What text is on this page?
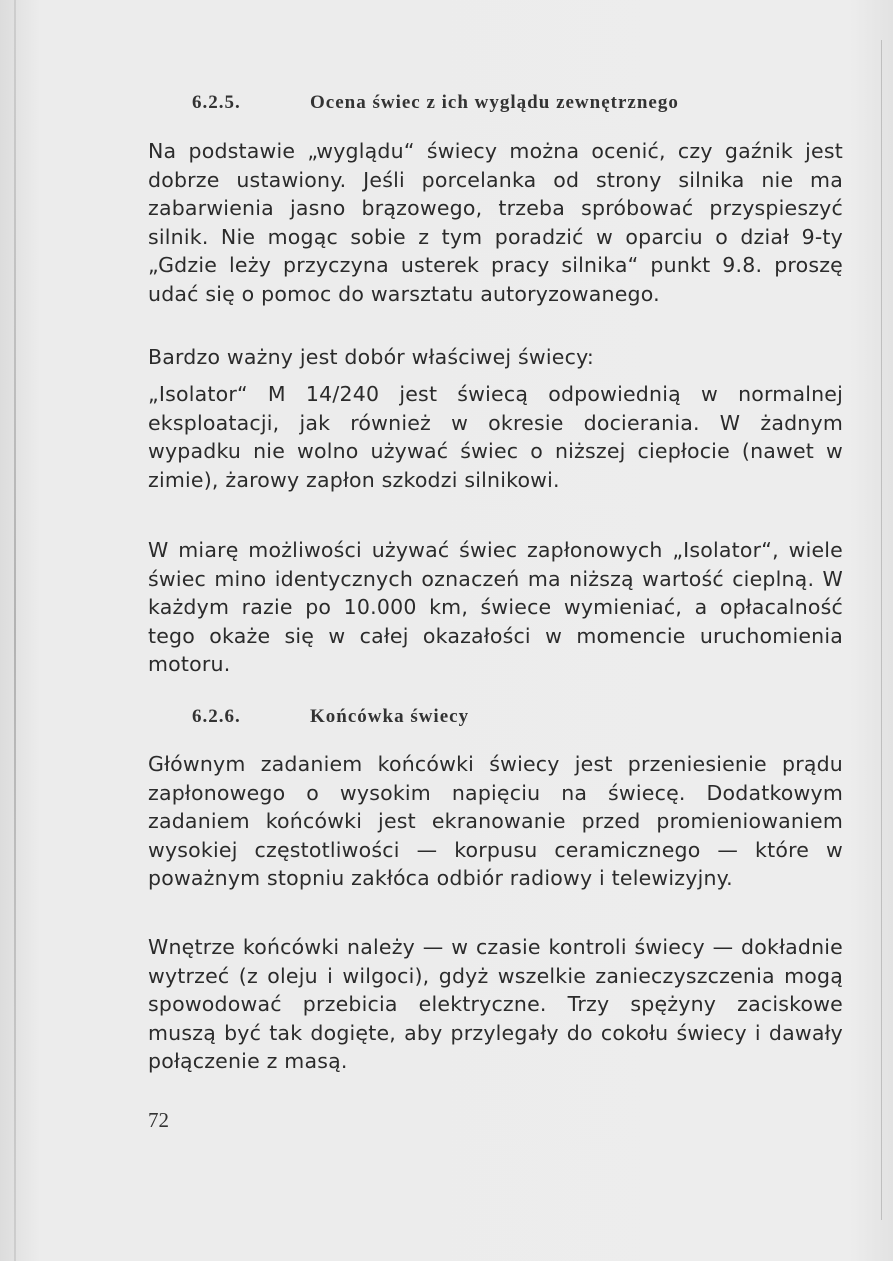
6.2.5.	Ocena świec z ich wyglądu zewnętrznego

Na podstawie „wyglądu“ świecy można ocenić, czy gaźnik jest dobrze ustawiony. Jeśli porcelanka od strony silnika nie ma zabarwienia jasno brązowego, trzeba spróbować przyspieszyć silnik. Nie mogąc sobie z tym poradzić w oparciu o dział 9-ty „Gdzie leży przyczyna usterek pracy silnika“ punkt 9.8. proszę udać się o pomoc do warsztatu autoryzowanego.

Bardzo ważny jest dobór właściwej świecy:

„Isolator“ M 14/240 jest świecą odpowiednią w normalnej eksploatacji, jak również w okresie docierania. W żadnym wypadku nie wolno używać świec o niższej ciepłocie (nawet w zimie), żarowy zapłon szkodzi silnikowi.

W miarę możliwości używać świec zapłonowych „Isolator“, wiele świec mino identycznych oznaczeń ma niższą wartość cieplną. W każdym razie po 10.000 km, świece wymieniać, a opłacalność tego okaże się w całej okazałości w momencie uruchomienia motoru.

6.2.6.	Końcówka świecy

Głównym zadaniem końcówki świecy jest przeniesienie prądu zapłonowego o wysokim napięciu na świecę. Dodatkowym zadaniem końcówki jest ekranowanie przed promieniowaniem wysokiej częstotliwości — korpusu ceramicznego — które w poważnym stopniu zakłóca odbiór radiowy i telewizyjny.

Wnętrze końcówki należy — w czasie kontroli świecy — dokładnie wytrzeć (z oleju i wilgoci), gdyż wszelkie zanieczyszczenia mogą spowodować przebicia elektryczne. Trzy spężyny zaciskowe muszą być tak dogięte, aby przylegały do cokołu świecy i dawały połączenie z masą.

72
